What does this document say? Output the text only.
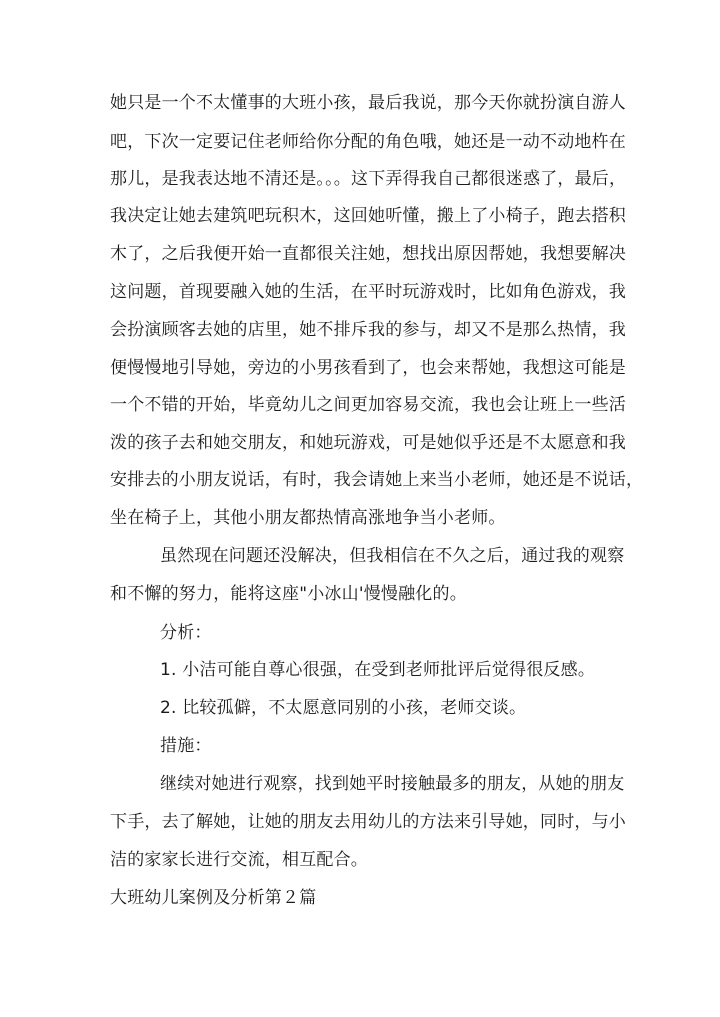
她只是一个不太懂事的大班小孩，最后我说，那今天你就扮演自游人
吧，下次一定要记住老师给你分配的角色哦，她还是一动不动地杵在
那儿，是我表达地不清还是。。。这下弄得我自己都很迷惑了，最后，
我决定让她去建筑吧玩积木，这回她听懂，搬上了小椅子，跑去搭积
木了，之后我便开始一直都很关注她，想找出原因帮她，我想要解决
这问题，首现要融入她的生活，在平时玩游戏时，比如角色游戏，我
会扮演顾客去她的店里，她不排斥我的参与，却又不是那么热情，我
便慢慢地引导她，旁边的小男孩看到了，也会来帮她，我想这可能是
一个不错的开始，毕竟幼儿之间更加容易交流，我也会让班上一些活
泼的孩子去和她交朋友，和她玩游戏，可是她似乎还是不太愿意和我
安排去的小朋友说话，有时，我会请她上来当小老师，她还是不说话，
坐在椅子上，其他小朋友都热情高涨地争当小老师。
虽然现在问题还没解决，但我相信在不久之后，通过我的观察
和不懈的努力，能将这座"小冰山'慢慢融化的。
分析：
1. 小洁可能自尊心很强，在受到老师批评后觉得很反感。
2. 比较孤僻，不太愿意同别的小孩，老师交谈。
措施：
继续对她进行观察，找到她平时接触最多的朋友，从她的朋友
下手，去了解她，让她的朋友去用幼儿的方法来引导她，同时，与小
洁的家家长进行交流，相互配合。
大班幼儿案例及分析第２篇
